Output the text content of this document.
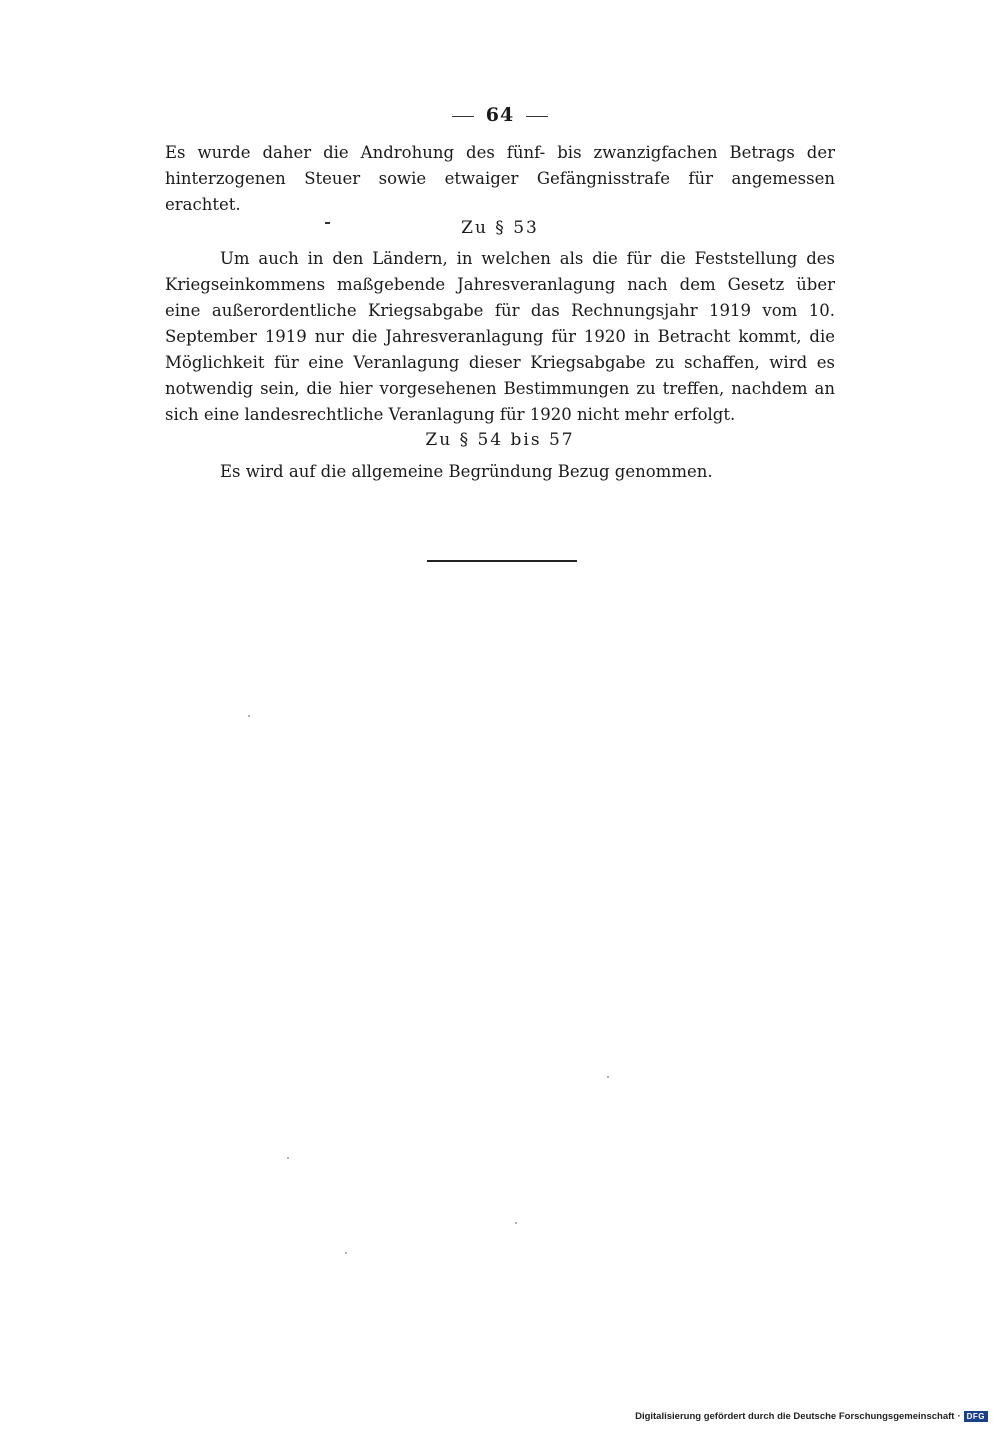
64

Es wurde daher die Androhung des fünf- bis zwanzigfachen Betrags der hinterzogenen Steuer sowie etwaiger Gefängnisstrafe für angemessen erachtet.

Zu § 53

Um auch in den Ländern, in welchen als die für die Feststellung des Kriegseinkommens maßgebende Jahresveranlagung nach dem Gesetz über eine außerordentliche Kriegsabgabe für das Rechnungsjahr 1919 vom 10. September 1919 nur die Jahresveranlagung für 1920 in Betracht kommt, die Möglichkeit für eine Veranlagung dieser Kriegsabgabe zu schaffen, wird es notwendig sein, die hier vorgesehenen Bestimmungen zu treffen, nachdem an sich eine landesrechtliche Veranlagung für 1920 nicht mehr erfolgt.

Zu § 54 bis 57

Es wird auf die allgemeine Begründung Bezug genommen.

Digitalisierung gefördert durch die Deutsche Forschungsgemeinschaft · DFG
